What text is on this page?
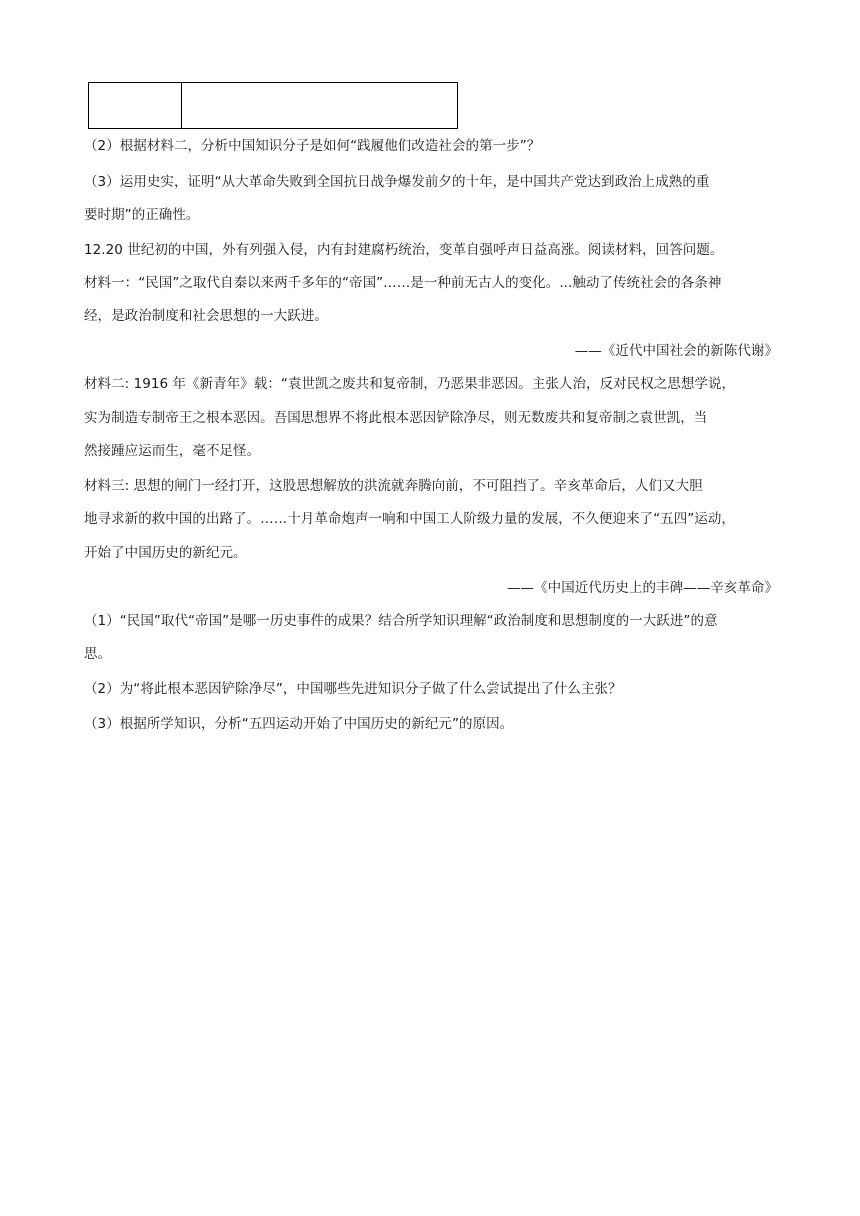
（2）根据材料二，分析中国知识分子是如何“践履他们改造社会的第一步”？
（3）运用史实，证明“从大革命失败到全国抗日战争爆发前夕的十年，是中国共产党达到政治上成熟的重
要时期”的正确性。
12.20 世纪初的中国，外有列强入侵，内有封建腐朽统治，变革自强呼声日益高涨。阅读材料，回答问题。
材料一：“民国”之取代自秦以来两千多年的“帝国”……是一种前无古人的变化。...触动了传统社会的各条神
经，是政治制度和社会思想的一大跃进。
——《近代中国社会的新陈代谢》
材料二: 1916 年《新青年》载：“袁世凯之废共和复帝制，乃恶果非恶因。主张人治，反对民权之思想学说，
实为制造专制帝王之根本恶因。吾国思想界不将此根本恶因铲除净尽，则无数废共和复帝制之袁世凯，当
然接踵应运而生，毫不足怪。
材料三: 思想的闸门一经打开，这股思想解放的洪流就奔腾向前，不可阻挡了。辛亥革命后，人们又大胆
地寻求新的救中国的出路了。……十月革命炮声一响和中国工人阶级力量的发展，不久便迎来了“五四”运动，
开始了中国历史的新纪元。
——《中国近代历史上的丰碑——辛亥革命》
（1）“民国”取代“帝国”是哪一历史事件的成果？结合所学知识理解“政治制度和思想制度的一大跃进”的意
思。
（2）为“将此根本恶因铲除净尽”，中国哪些先进知识分子做了什么尝试提出了什么主张？
（3）根据所学知识，分析“五四运动开始了中国历史的新纪元”的原因。
